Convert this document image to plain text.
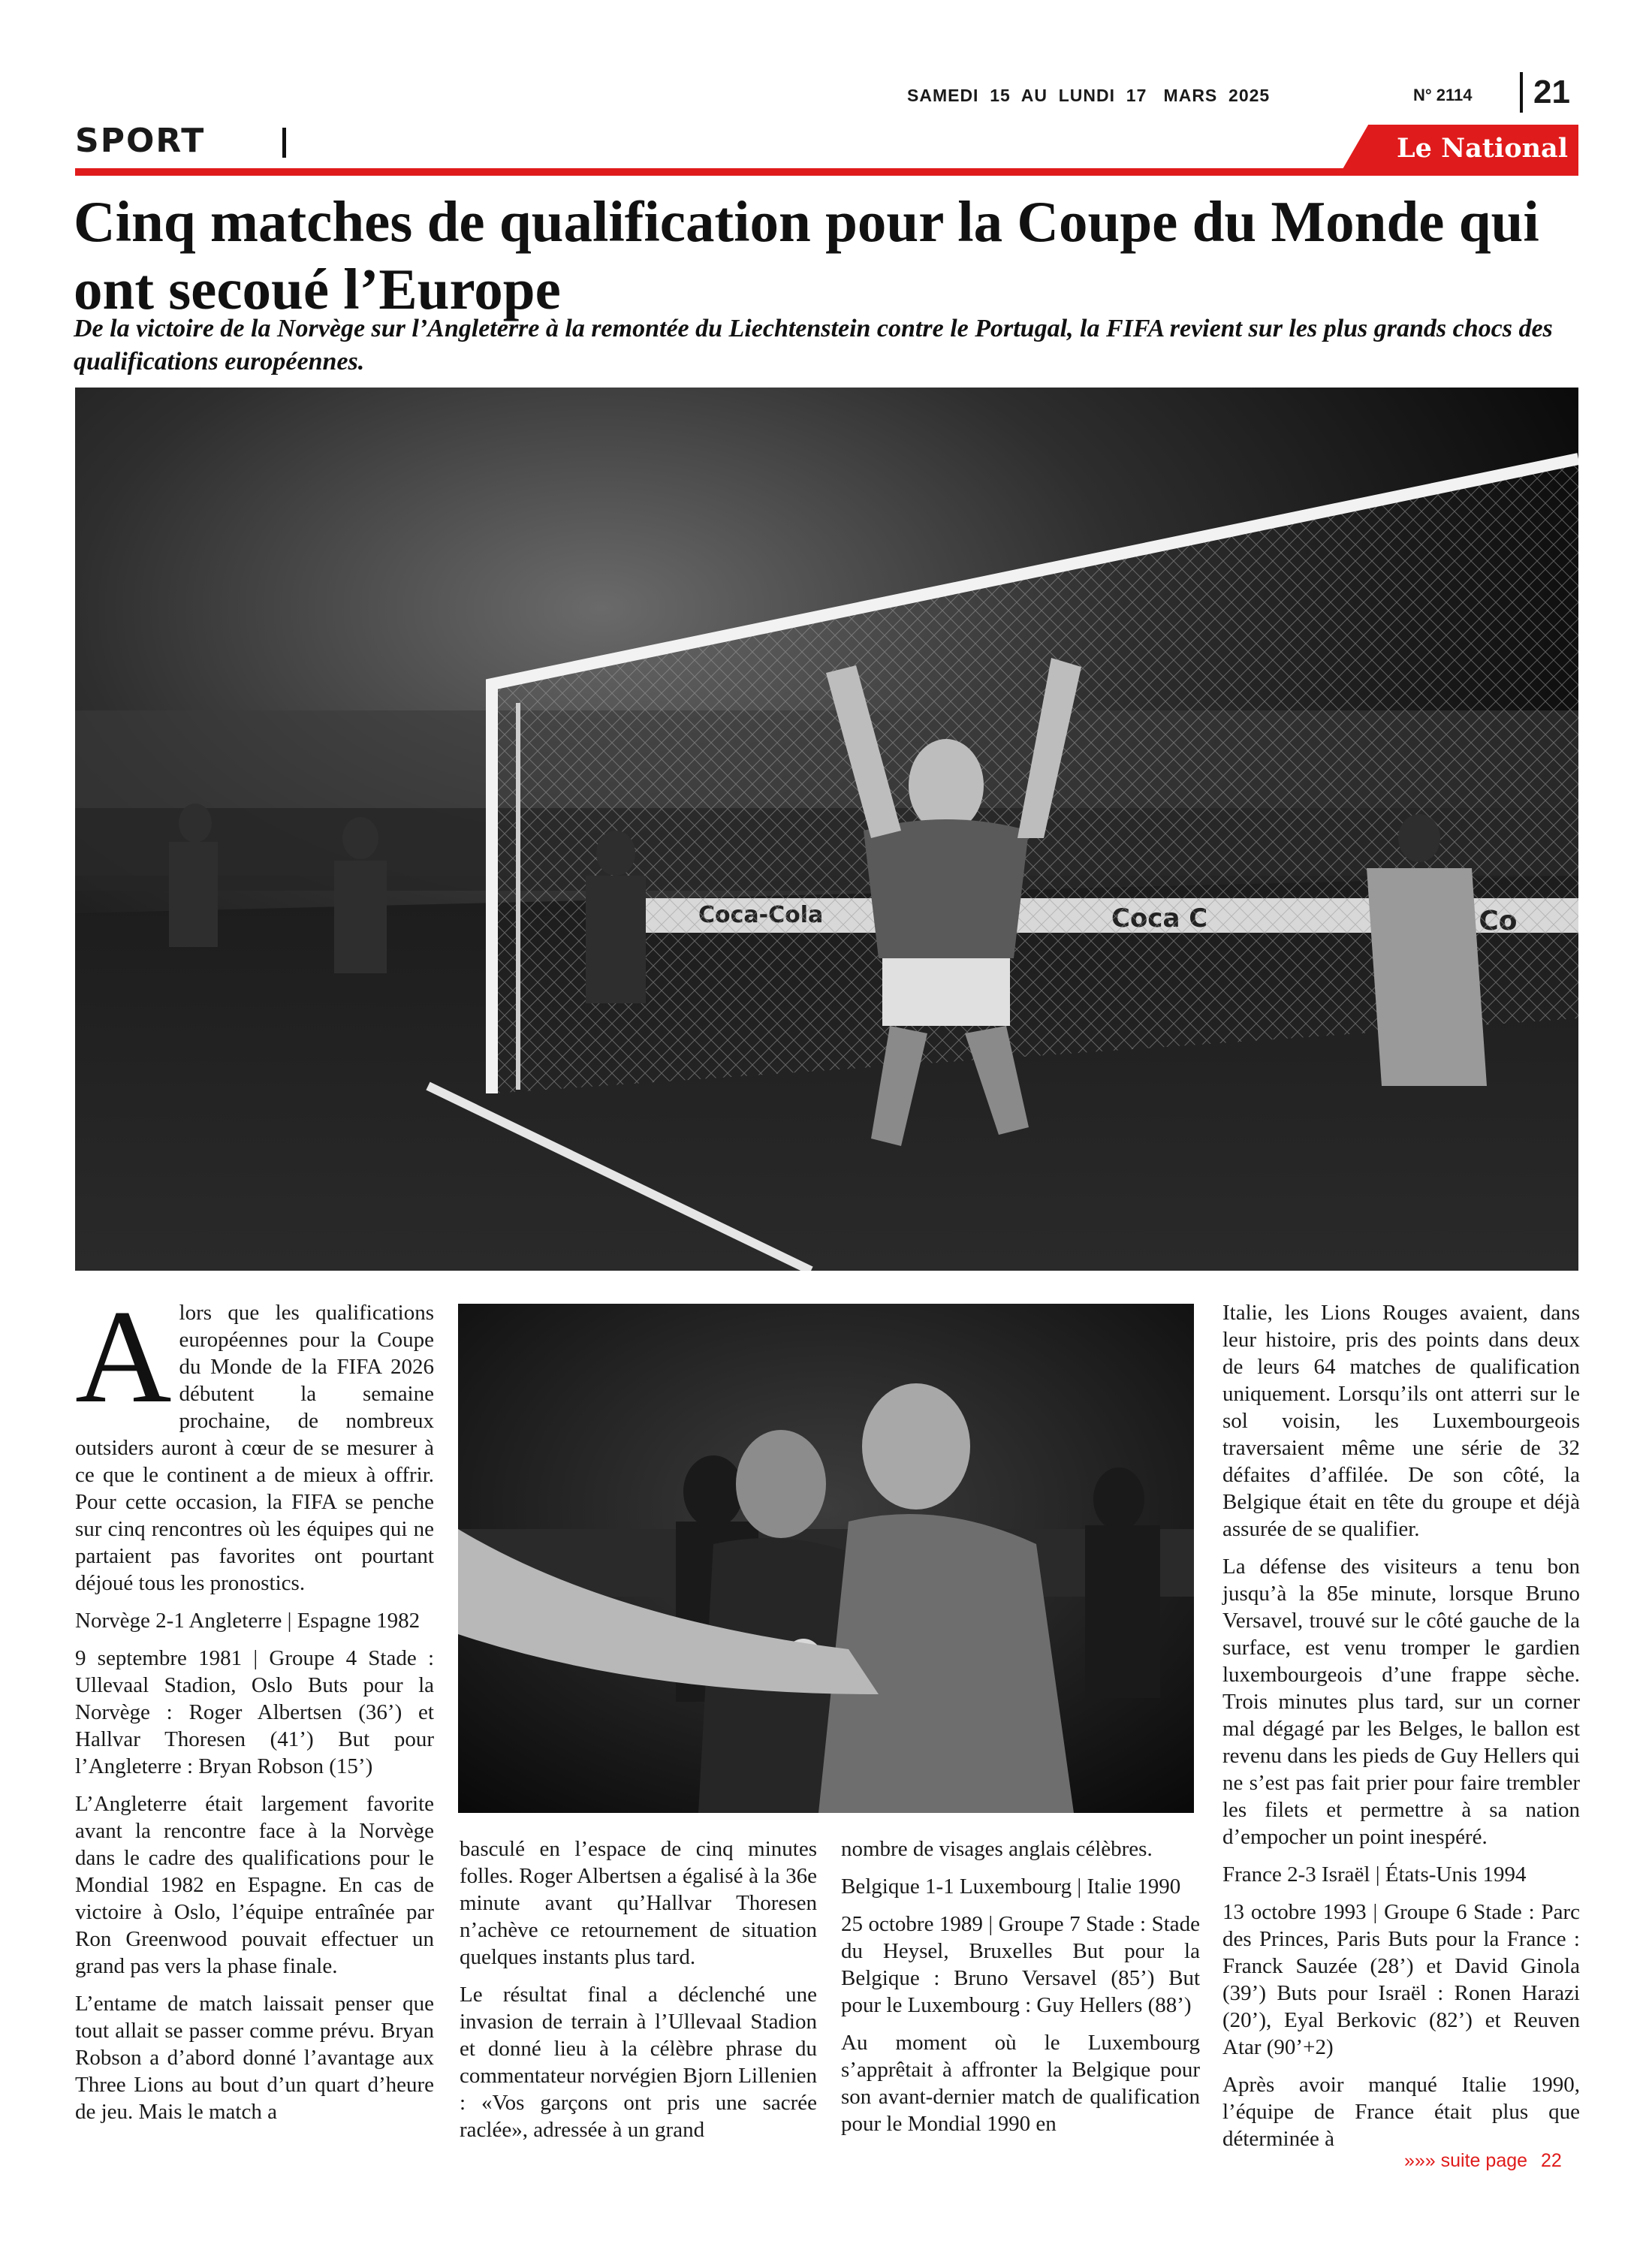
SAMEDI  15  AU  LUNDI  17   MARS  2025	N° 2114	21
SPORT	Le National
Cinq matches de qualification pour la Coupe du Monde qui ont secoué l’Europe
De la victoire de la Norvège sur l’Angleterre à la remontée du Liechtenstein contre le Portugal, la FIFA revient sur les plus grands chocs des qualifications européennes.

Alors que les qualifications européennes pour la Coupe du Monde de la FIFA 2026 débutent la semaine prochaine, de nombreux outsiders auront à cœur de se mesurer à ce que le continent a de mieux à offrir. Pour cette occasion, la FIFA se penche sur cinq rencontres où les équipes qui ne partaient pas favorites ont pourtant déjoué tous les pronostics.

Norvège 2-1 Angleterre | Espagne 1982

9 septembre 1981 | Groupe 4 Stade : Ullevaal Stadion, Oslo Buts pour la Norvège : Roger Albertsen (36’) et Hallvar Thoresen (41’) But pour l’Angleterre : Bryan Robson (15’)

L’Angleterre était largement favorite avant la rencontre face à la Norvège dans le cadre des qualifications pour le Mondial 1982 en Espagne. En cas de victoire à Oslo, l’équipe entraînée par Ron Greenwood pouvait effectuer un grand pas vers la phase finale.

L’entame de match laissait penser que tout allait se passer comme prévu. Bryan Robson a d’abord donné l’avantage aux Three Lions au bout d’un quart d’heure de jeu. Mais le match a

basculé en l’espace de cinq minutes folles. Roger Albertsen a égalisé à la 36e minute avant qu’Hallvar Thoresen n’achève ce retournement de situation quelques instants plus tard.

Le résultat final a déclenché une invasion de terrain à l’Ullevaal Stadion et donné lieu à la célèbre phrase du commentateur norvégien Bjorn Lillenien : «Vos garçons ont pris une sacrée raclée», adressée à un grand

nombre de visages anglais célèbres.

Belgique 1-1 Luxembourg | Italie 1990

25 octobre 1989 | Groupe 7 Stade : Stade du Heysel, Bruxelles But pour la Belgique : Bruno Versavel (85’) But pour le Luxembourg : Guy Hellers (88’)

Au moment où le Luxembourg s’apprêtait à affronter la Belgique pour son avant-dernier match de qualification pour le Mondial 1990 en

Italie, les Lions Rouges avaient, dans leur histoire, pris des points dans deux de leurs 64 matches de qualification uniquement. Lorsqu’ils ont atterri sur le sol voisin, les Luxembourgeois traversaient même une série de 32 défaites d’affilée. De son côté, la Belgique était en tête du groupe et déjà assurée de se qualifier.

La défense des visiteurs a tenu bon jusqu’à la 85e minute, lorsque Bruno Versavel, trouvé sur le côté gauche de la surface, est venu tromper le gardien luxembourgeois d’une frappe sèche. Trois minutes plus tard, sur un corner mal dégagé par les Belges, le ballon est revenu dans les pieds de Guy Hellers qui ne s’est pas fait prier pour faire trembler les filets et permettre à sa nation d’empocher un point inespéré.

France 2-3 Israël | États-Unis 1994

13 octobre 1993 | Groupe 6 Stade : Parc des Princes, Paris Buts pour la France : Franck Sauzée (28’) et David Ginola (39’) Buts pour Israël : Ronen Harazi (20’), Eyal Berkovic (82’) et Reuven Atar (90’+2)

Après avoir manqué Italie 1990, l’équipe de France était plus que déterminée à

»»» suite page 22
